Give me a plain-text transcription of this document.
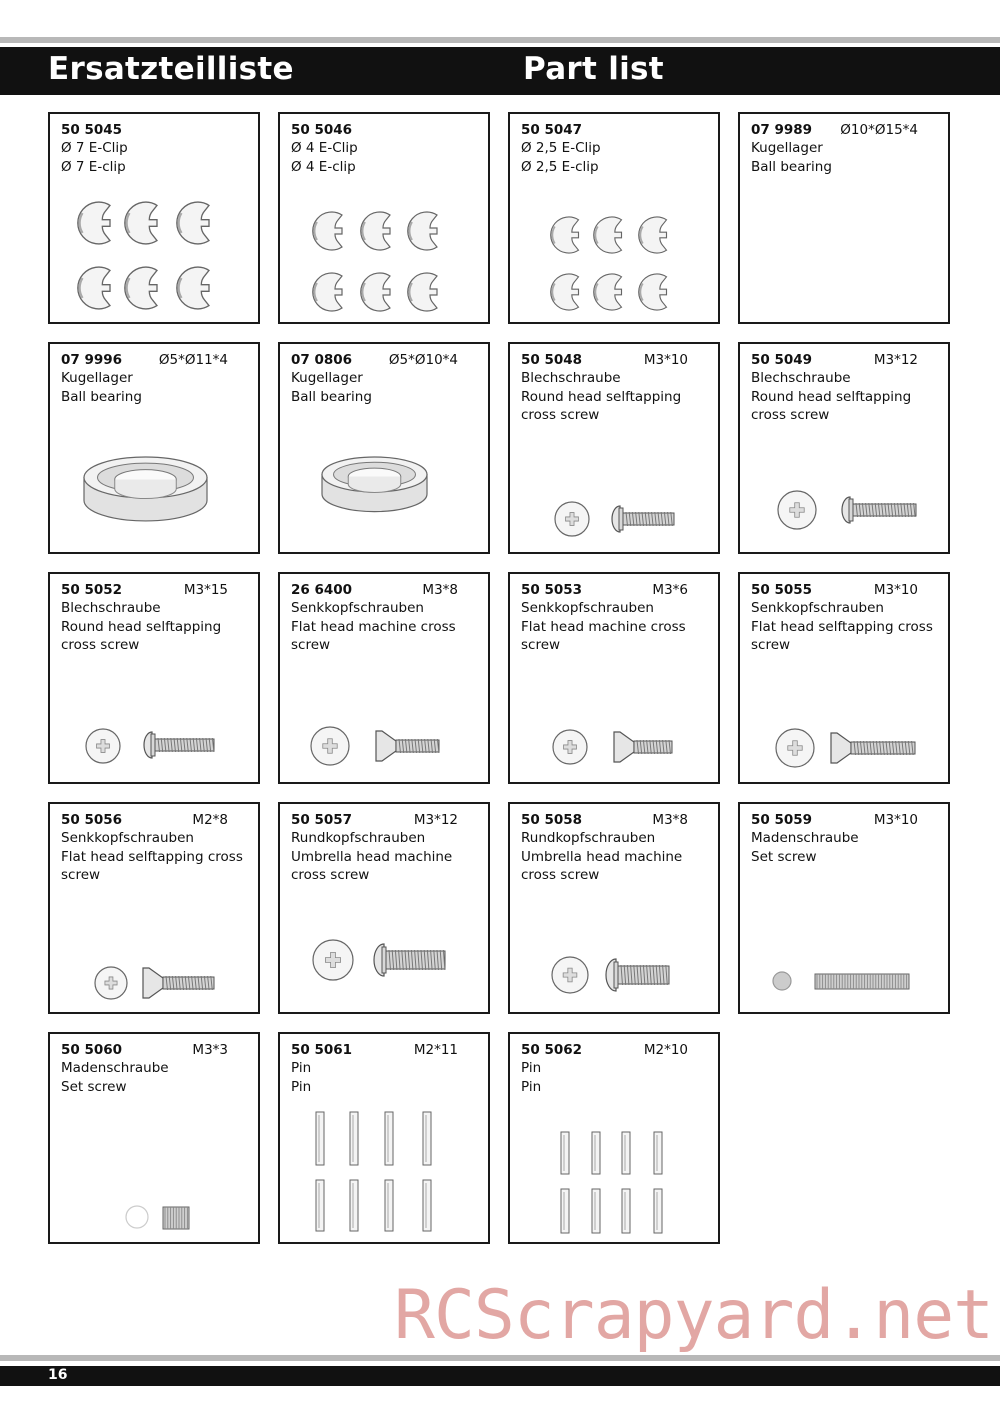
Ersatzteilliste	Part list
50 5045
Ø 7 E-Clip
Ø 7 E-clip
50 5046
Ø 4 E-Clip
Ø 4 E-clip
50 5047
Ø 2,5 E-Clip
Ø 2,5 E-clip
07 9989 Ø10*Ø15*4
Kugellager
Ball bearing
07 9996	Ø5*Ø11*4
Kugellager
Ball bearing
07 0806	Ø5*Ø10*4
Kugellager
Ball bearing
50 5048	M3*10
Blechschraube
Round head selftapping cross screw
50 5049	M3*12
Blechschraube
Round head selftapping cross screw
50 5052	M3*15
Blechschraube
Round head selftapping cross screw
26 6400	M3*8
Senkkopfschrauben
Flat head machine cross screw
50 5053	M3*6
Senkkopfschrauben
Flat head machine cross screw
50 5055	M3*10
Senkkopfschrauben
Flat head selftapping cross screw
50 5056	M2*8
Senkkopfschrauben
Flat head selftapping cross screw
50 5057	M3*12
Rundkopfschrauben
Umbrella head machine cross screw
50 5058	M3*8
Rundkopfschrauben
Umbrella head machine cross screw
50 5059	M3*10
Madenschraube
Set screw
50 5060	M3*3
Madenschraube
Set screw
50 5061	M2*11
Pin
Pin
50 5062	M2*10
Pin
Pin
RCScrapyard.net
16
